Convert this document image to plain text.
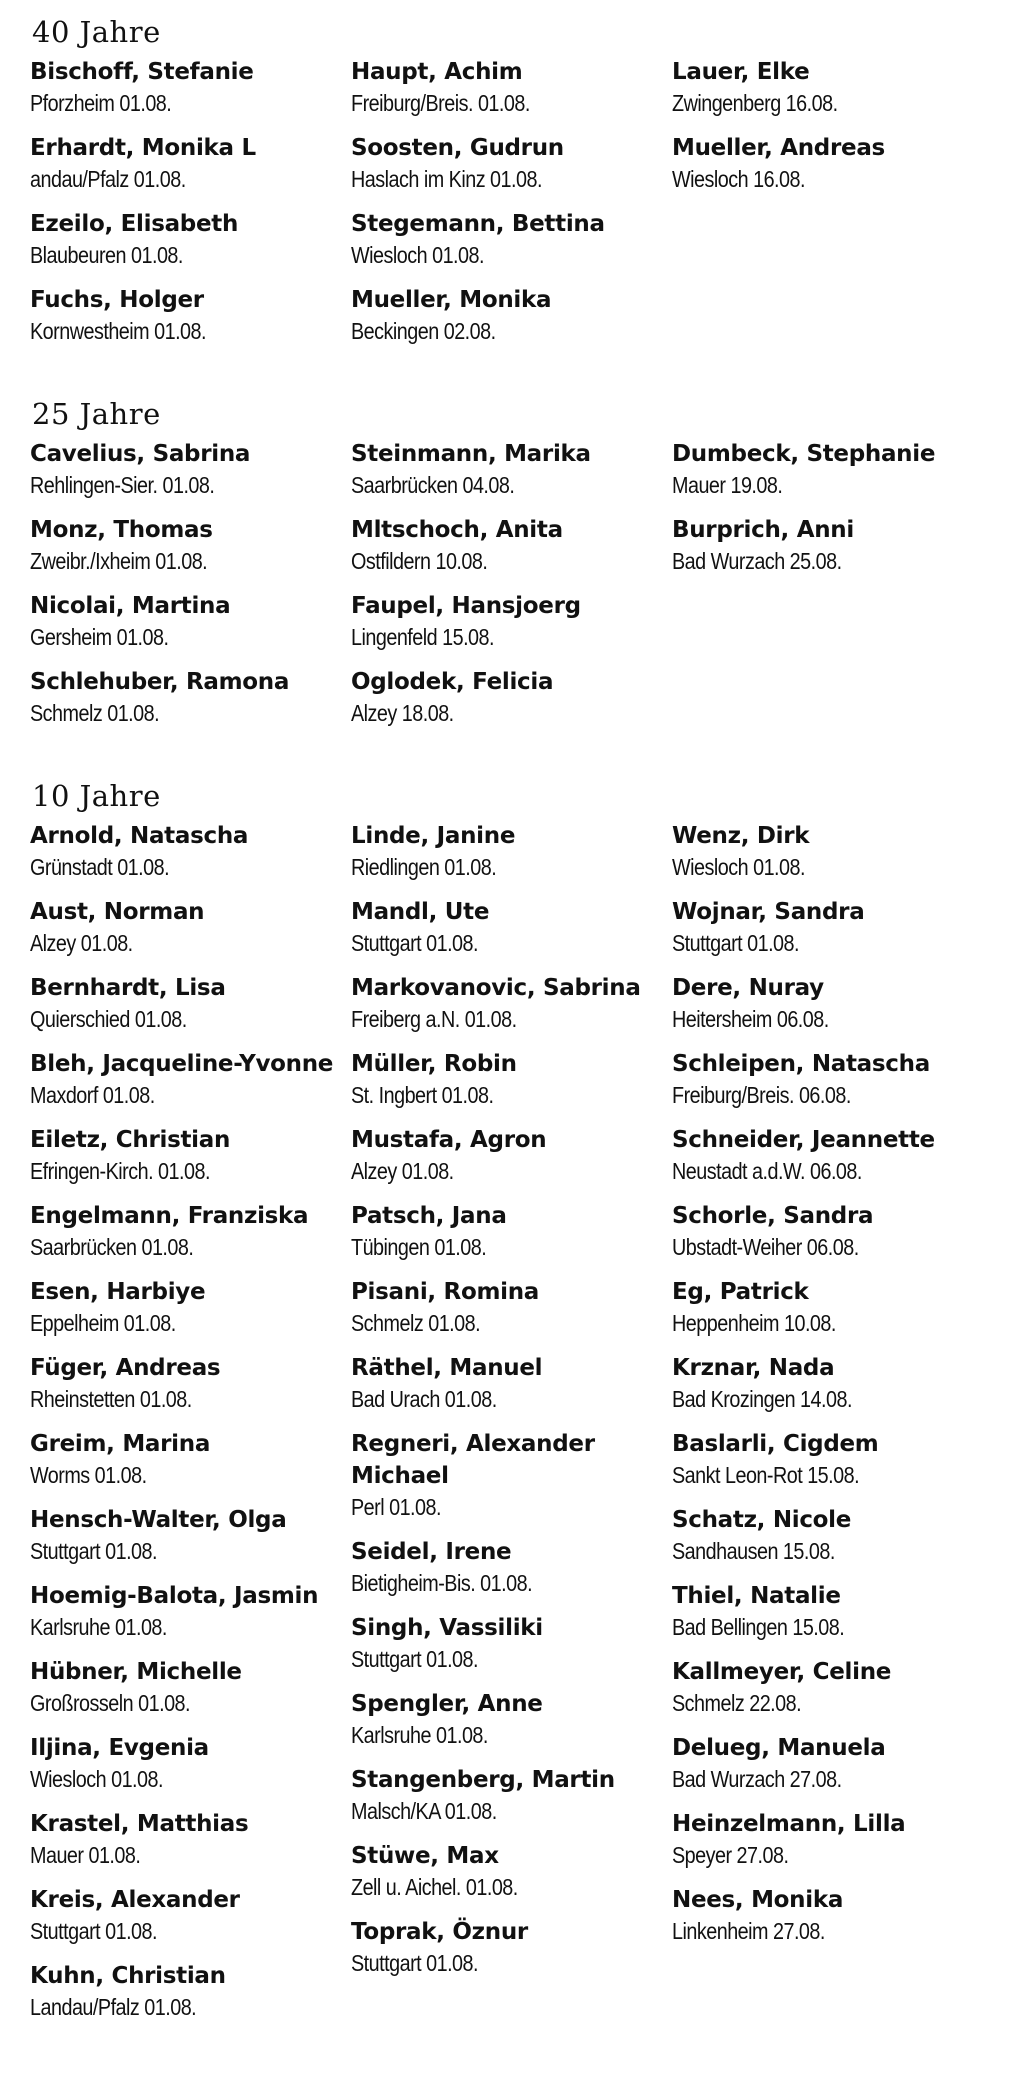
40 Jahre
Bischoff, Stefanie
Pforzheim 01.08.
Erhardt, Monika L
andau/Pfalz 01.08.
Ezeilo, Elisabeth
Blaubeuren 01.08.
Fuchs, Holger
Kornwestheim 01.08.
Haupt, Achim
Freiburg/Breis. 01.08.
Soosten, Gudrun
Haslach im Kinz 01.08.
Stegemann, Bettina
Wiesloch 01.08.
Mueller, Monika
Beckingen 02.08.
Lauer, Elke
Zwingenberg 16.08.
Mueller, Andreas
Wiesloch 16.08.
25 Jahre
Cavelius, Sabrina
Rehlingen-Sier. 01.08.
Monz, Thomas
Zweibr./Ixheim 01.08.
Nicolai, Martina
Gersheim 01.08.
Schlehuber, Ramona
Schmelz 01.08.
Steinmann, Marika
Saarbrücken 04.08.
Mltschoch, Anita
Ostfildern 10.08.
Faupel, Hansjoerg
Lingenfeld 15.08.
Oglodek, Felicia
Alzey 18.08.
Dumbeck, Stephanie
Mauer 19.08.
Burprich, Anni
Bad Wurzach 25.08.
10 Jahre
Arnold, Natascha
Grünstadt 01.08.
Aust, Norman
Alzey 01.08.
Bernhardt, Lisa
Quierschied 01.08.
Bleh, Jacqueline-Yvonne
Maxdorf 01.08.
Eiletz, Christian
Efringen-Kirch. 01.08.
Engelmann, Franziska
Saarbrücken 01.08.
Esen, Harbiye
Eppelheim 01.08.
Füger, Andreas
Rheinstetten 01.08.
Greim, Marina
Worms 01.08.
Hensch-Walter, Olga
Stuttgart 01.08.
Hoemig-Balota, Jasmin
Karlsruhe 01.08.
Hübner, Michelle
Großrosseln 01.08.
Iljina, Evgenia
Wiesloch 01.08.
Krastel, Matthias
Mauer 01.08.
Kreis, Alexander
Stuttgart 01.08.
Kuhn, Christian
Landau/Pfalz 01.08.
Linde, Janine
Riedlingen 01.08.
Mandl, Ute
Stuttgart 01.08.
Markovanovic, Sabrina
Freiberg a.N. 01.08.
Müller, Robin
St. Ingbert 01.08.
Mustafa, Agron
Alzey 01.08.
Patsch, Jana
Tübingen 01.08.
Pisani, Romina
Schmelz 01.08.
Räthel, Manuel
Bad Urach 01.08.
Regneri, Alexander Michael
Perl 01.08.
Seidel, Irene
Bietigheim-Bis. 01.08.
Singh, Vassiliki
Stuttgart 01.08.
Spengler, Anne
Karlsruhe 01.08.
Stangenberg, Martin
Malsch/KA 01.08.
Stüwe, Max
Zell u. Aichel. 01.08.
Toprak, Öznur
Stuttgart 01.08.
Wenz, Dirk
Wiesloch 01.08.
Wojnar, Sandra
Stuttgart 01.08.
Dere, Nuray
Heitersheim 06.08.
Schleipen, Natascha
Freiburg/Breis. 06.08.
Schneider, Jeannette
Neustadt a.d.W. 06.08.
Schorle, Sandra
Ubstadt-Weiher 06.08.
Eg, Patrick
Heppenheim 10.08.
Krznar, Nada
Bad Krozingen 14.08.
Baslarli, Cigdem
Sankt Leon-Rot 15.08.
Schatz, Nicole
Sandhausen 15.08.
Thiel, Natalie
Bad Bellingen 15.08.
Kallmeyer, Celine
Schmelz 22.08.
Delueg, Manuela
Bad Wurzach 27.08.
Heinzelmann, Lilla
Speyer 27.08.
Nees, Monika
Linkenheim 27.08.
